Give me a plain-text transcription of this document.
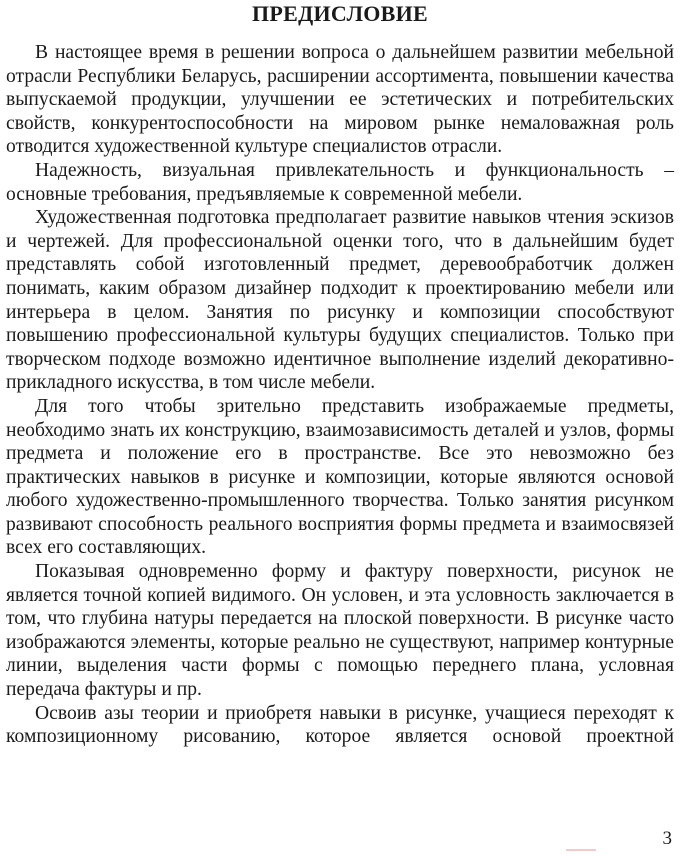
ПРЕДИСЛОВИЕ

В настоящее время в решении вопроса о дальнейшем развитии мебельной отрасли Республики Беларусь, расширении ассортимента, повышении качества выпускаемой продукции, улучшении ее эстетических и потребительских свойств, конкурентоспособности на мировом рынке немаловажная роль отводится художественной культуре специалистов отрасли.

Надежность, визуальная привлекательность и функциональность – основные требования, предъявляемые к современной мебели.

Художественная подготовка предполагает развитие навыков чтения эскизов и чертежей. Для профессиональной оценки того, что в дальнейшим будет представлять собой изготовленный предмет, деревообработчик должен понимать, каким образом дизайнер подходит к проектированию мебели или интерьера в целом. Занятия по рисунку и композиции способствуют повышению профессиональной культуры будущих специалистов. Только при творческом подходе возможно идентичное выполнение изделий декоративно-прикладного искусства, в том числе мебели.

Для того чтобы зрительно представить изображаемые предметы, необходимо знать их конструкцию, взаимозависимость деталей и узлов, формы предмета и положение его в пространстве. Все это невозможно без практических навыков в рисунке и композиции, которые являются основой любого художественно-промышленного творчества. Только занятия рисунком развивают способность реального восприятия формы предмета и взаимосвязей всех его составляющих.

Показывая одновременно форму и фактуру поверхности, рисунок не является точной копией видимого. Он условен, и эта условность заключается в том, что глубина натуры передается на плоской поверхности. В рисунке часто изображаются элементы, которые реально не существуют, например контурные линии, выделения части формы с помощью переднего плана, условная передача фактуры и пр.

Освоив азы теории и приобретя навыки в рисунке, учащиеся переходят к композиционному рисованию, которое является основой проектной

3
